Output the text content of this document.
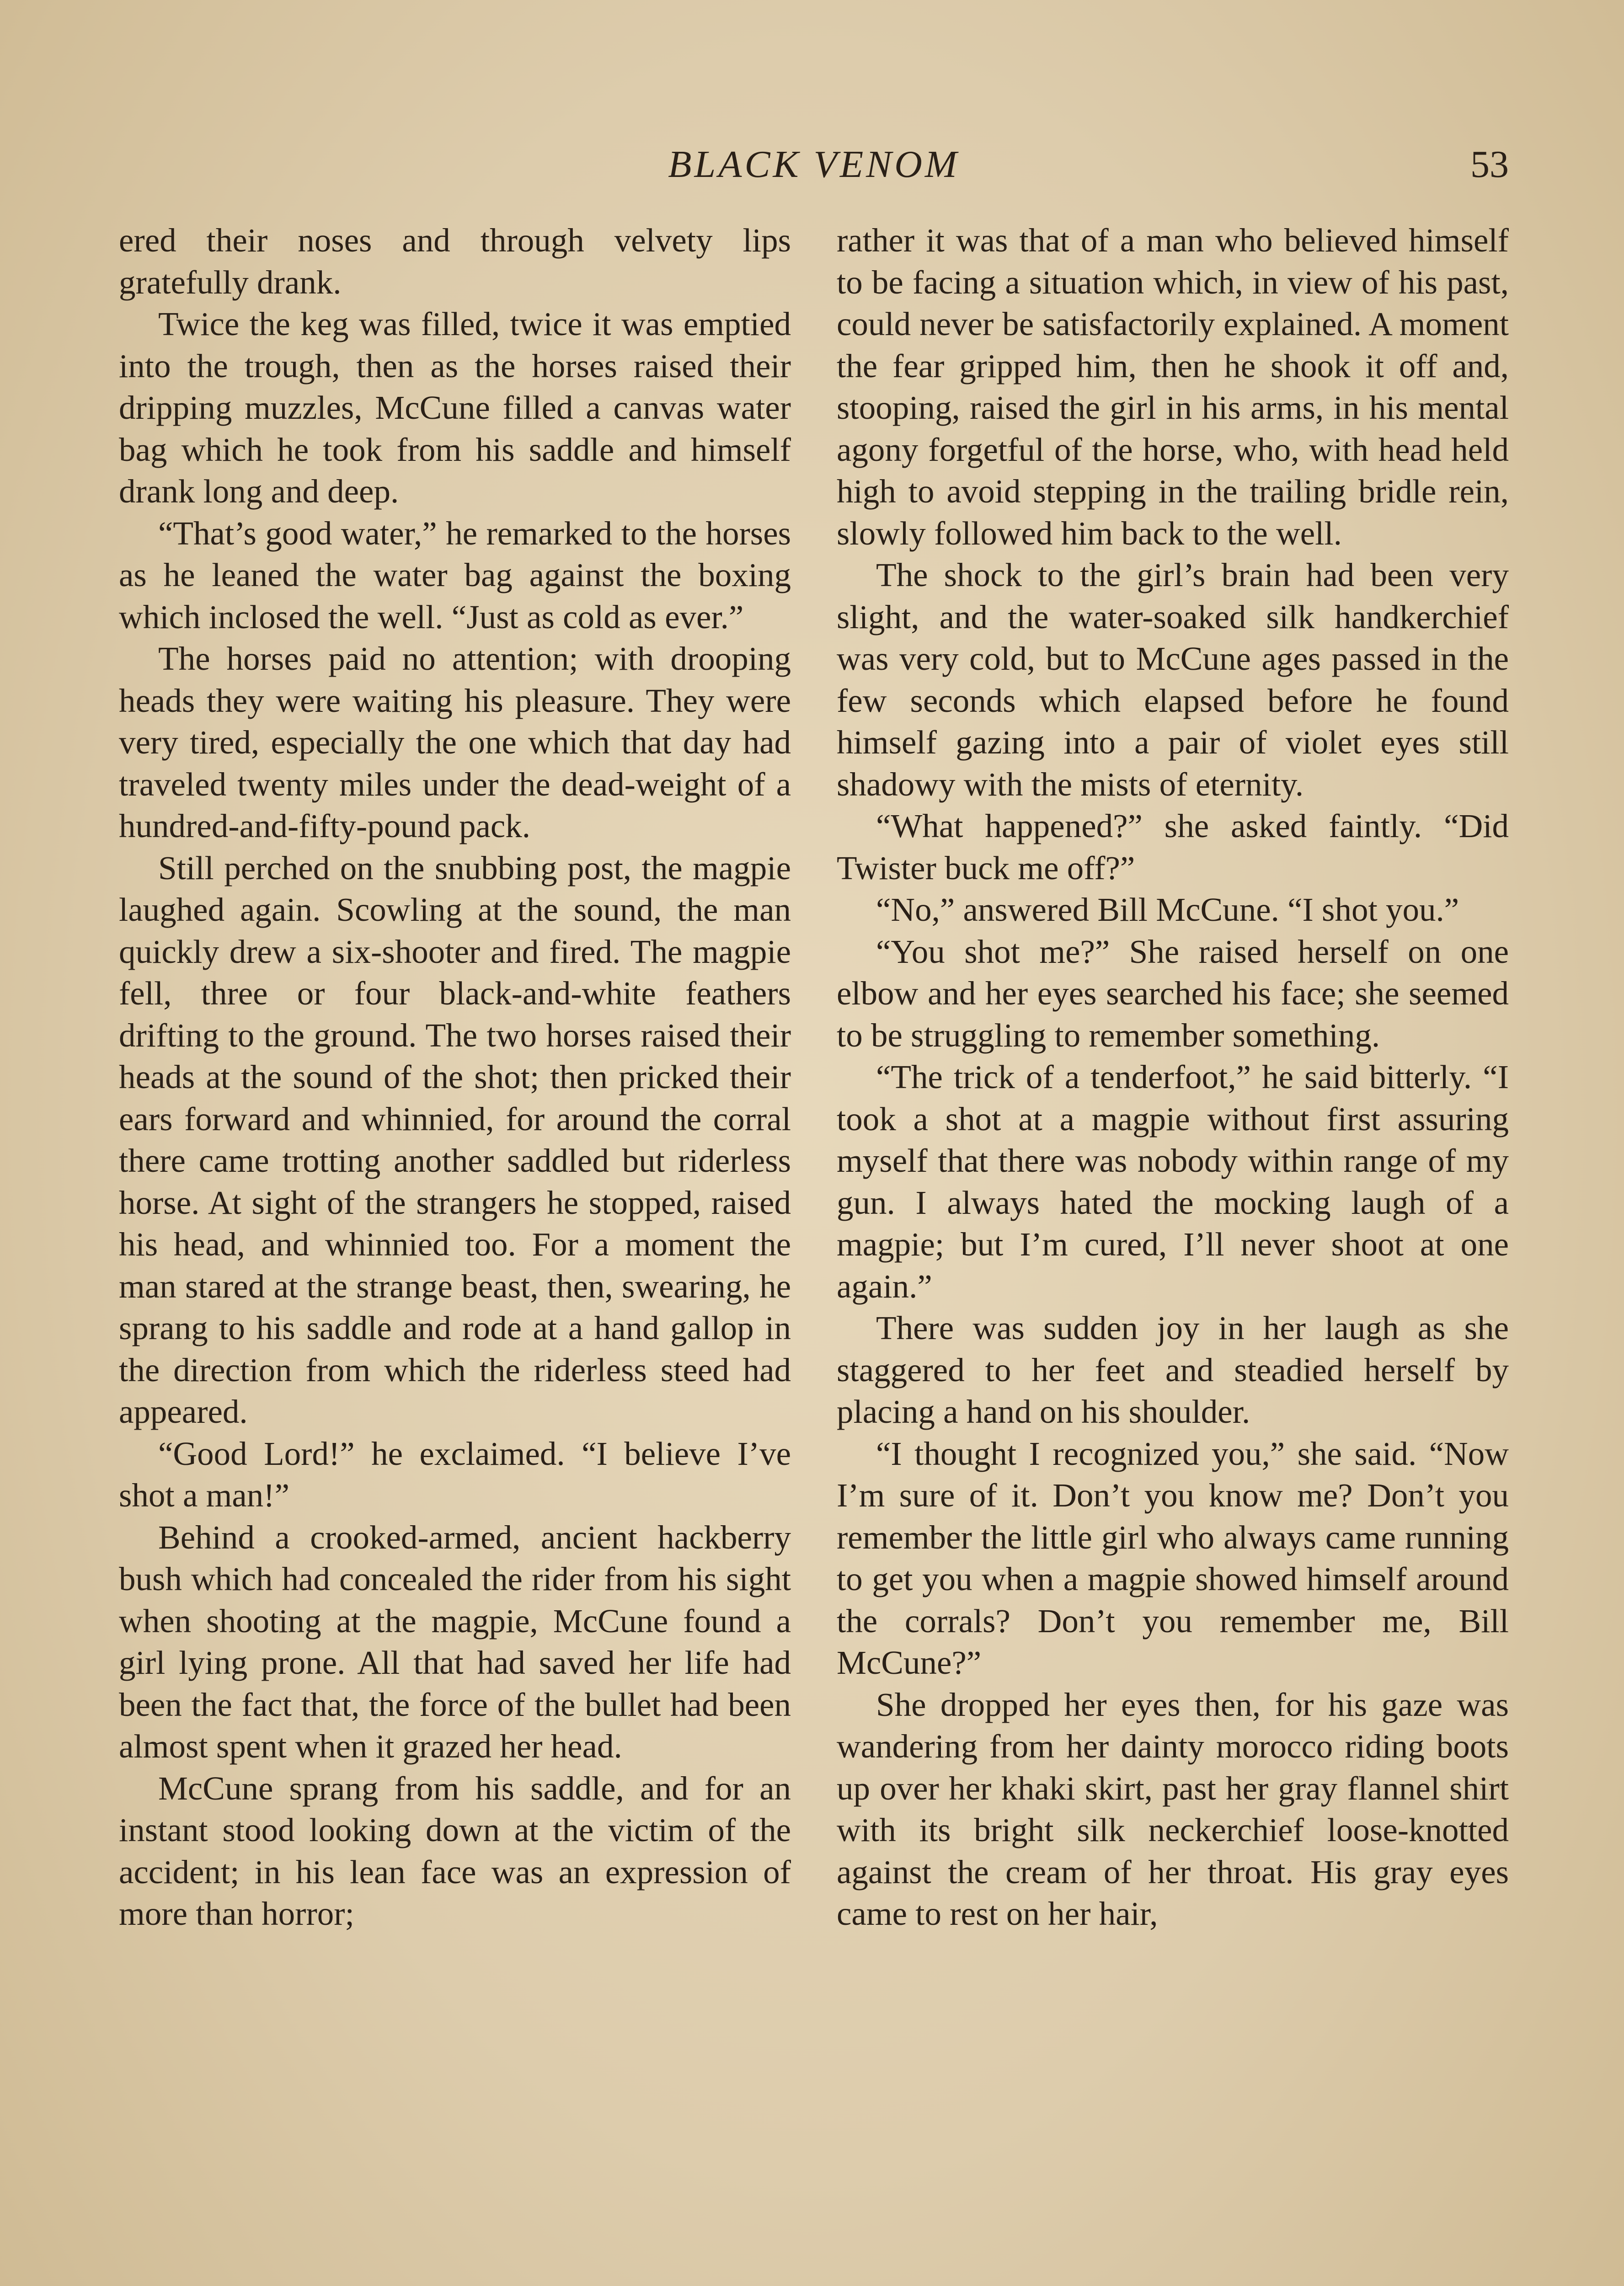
BLACK VENOM	53

ered their noses and through velvety lips gratefully drank.

Twice the keg was filled, twice it was emptied into the trough, then as the horses raised their dripping muzzles, McCune filled a canvas water bag which he took from his saddle and himself drank long and deep.

“That’s good water,” he remarked to the horses as he leaned the water bag against the boxing which inclosed the well. “Just as cold as ever.”

The horses paid no attention; with drooping heads they were waiting his pleasure. They were very tired, especially the one which that day had traveled twenty miles under the dead-weight of a hundred-and-fifty-pound pack.

Still perched on the snubbing post, the magpie laughed again. Scowling at the sound, the man quickly drew a six-shooter and fired. The magpie fell, three or four black-and-white feathers drifting to the ground. The two horses raised their heads at the sound of the shot; then pricked their ears forward and whinnied, for around the corral there came trotting another saddled but riderless horse. At sight of the strangers he stopped, raised his head, and whinnied too. For a moment the man stared at the strange beast, then, swearing, he sprang to his saddle and rode at a hand gallop in the direction from which the riderless steed had appeared.

“Good Lord!” he exclaimed. “I believe I’ve shot a man!”

Behind a crooked-armed, ancient hackberry bush which had concealed the rider from his sight when shooting at the magpie, McCune found a girl lying prone. All that had saved her life had been the fact that, the force of the bullet had been almost spent when it grazed her head.

McCune sprang from his saddle, and for an instant stood looking down at the victim of the accident; in his lean face was an expression of more than horror;

rather it was that of a man who believed himself to be facing a situation which, in view of his past, could never be satisfactorily explained. A moment the fear gripped him, then he shook it off and, stooping, raised the girl in his arms, in his mental agony forgetful of the horse, who, with head held high to avoid stepping in the trailing bridle rein, slowly followed him back to the well.

The shock to the girl’s brain had been very slight, and the water-soaked silk handkerchief was very cold, but to McCune ages passed in the few seconds which elapsed before he found himself gazing into a pair of violet eyes still shadowy with the mists of eternity.

“What happened?” she asked faintly. “Did Twister buck me off?”

“No,” answered Bill McCune. “I shot you.”

“You shot me?” She raised herself on one elbow and her eyes searched his face; she seemed to be struggling to remember something.

“The trick of a tenderfoot,” he said bitterly. “I took a shot at a magpie without first assuring myself that there was nobody within range of my gun. I always hated the mocking laugh of a magpie; but I’m cured, I’ll never shoot at one again.”

There was sudden joy in her laugh as she staggered to her feet and steadied herself by placing a hand on his shoulder.

“I thought I recognized you,” she said. “Now I’m sure of it. Don’t you know me? Don’t you remember the little girl who always came running to get you when a magpie showed himself around the corrals? Don’t you remember me, Bill McCune?”

She dropped her eyes then, for his gaze was wandering from her dainty morocco riding boots up over her khaki skirt, past her gray flannel shirt with its bright silk neckerchief loose-knotted against the cream of her throat. His gray eyes came to rest on her hair,
